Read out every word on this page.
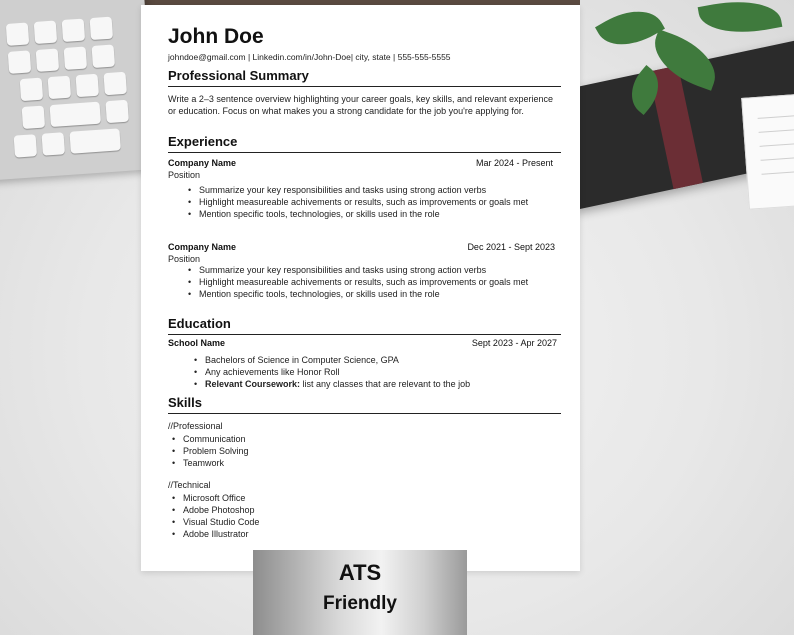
John Doe
johndoe@gmail.com | Linkedin.com/in/John-Doe| city, state | 555-555-5555
Professional Summary
Write a 2–3 sentence overview highlighting your career goals, key skills, and relevant experience or education. Focus on what makes you a strong candidate for the job you're applying for.
Experience
Company Name	Mar 2024 - Present
Position
• Summarize your key responsibilities and tasks using strong action verbs
• Highlight measureable achivements or results, such as improvements or goals met
• Mention specific tools, technologies, or skills used in the role
Company Name	Dec 2021 - Sept 2023
Position
• Summarize your key responsibilities and tasks using strong action verbs
• Highlight measureable achivements or results, such as improvements or goals met
• Mention specific tools, technologies, or skills used in the role
Education
School Name	Sept 2023 - Apr 2027
• Bachelors of Science in Computer Science, GPA
• Any achievements like Honor Roll
• Relevant Coursework: list any classes that are relevant to the job
Skills
//Professional
• Communication
• Problem Solving
• Teamwork
//Technical
• Microsoft Office
• Adobe Photoshop
• Visual Studio Code
• Adobe Illustrator
ATS
Friendly
